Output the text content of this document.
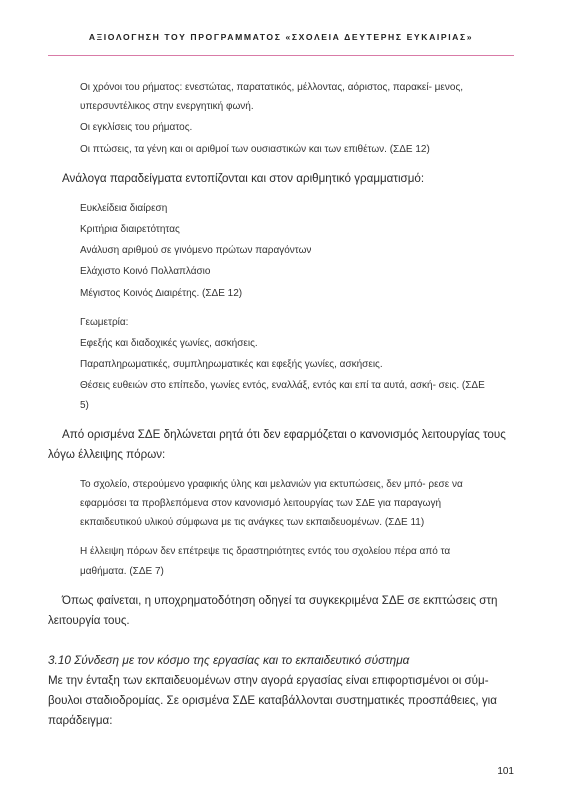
ΑΞΙΟΛΟΓΗΣΗ ΤΟΥ ΠΡΟΓΡΑΜΜΑΤΟΣ «ΣΧΟΛΕΙΑ ΔΕΥΤΕΡΗΣ ΕΥΚΑΙΡΙΑΣ»

Οι χρόνοι του ρήματος: ενεστώτας, παρατατικός, μέλλοντας, αόριστος, παρακεί- μενος, υπερσυντέλικος στην ενεργητική φωνή.

Οι εγκλίσεις του ρήματος.

Οι πτώσεις, τα γένη και οι αριθμοί των ουσιαστικών και των επιθέτων. (ΣΔΕ 12)

Ανάλογα παραδείγματα εντοπίζονται και στον αριθμητικό γραμματισμό:

Ευκλείδεια διαίρεση

Κριτήρια διαιρετότητας

Ανάλυση αριθμού σε γινόμενο πρώτων παραγόντων

Ελάχιστο Κοινό Πολλαπλάσιο

Μέγιστος Κοινός Διαιρέτης. (ΣΔΕ 12)

Γεωμετρία:

Εφεξής και διαδοχικές γωνίες, ασκήσεις.

Παραπληρωματικές, συμπληρωματικές και εφεξής γωνίες, ασκήσεις.

Θέσεις ευθειών στο επίπεδο, γωνίες εντός, εναλλάξ, εντός και επί τα αυτά, ασκή- σεις. (ΣΔΕ 5)

Από ορισμένα ΣΔΕ δηλώνεται ρητά ότι δεν εφαρμόζεται ο κανονισμός λειτουργίας τους λόγω έλλειψης πόρων:

Το σχολείο, στερούμενο γραφικής ύλης και μελανιών για εκτυπώσεις, δεν μπό- ρεσε να εφαρμόσει τα προβλεπόμενα στον κανονισμό λειτουργίας των ΣΔΕ για παραγωγή εκπαιδευτικού υλικού σύμφωνα με τις ανάγκες των εκπαιδευομένων. (ΣΔΕ 11)

Η έλλειψη πόρων δεν επέτρεψε τις δραστηριότητες εντός του σχολείου πέρα από τα μαθήματα. (ΣΔΕ 7)

Όπως φαίνεται, η υποχρηματοδότηση οδηγεί τα συγκεκριμένα ΣΔΕ σε εκπτώσεις στη λειτουργία τους.

3.10 Σύνδεση με τον κόσμο της εργασίας και το εκπαιδευτικό σύστημα

Με την ένταξη των εκπαιδευομένων στην αγορά εργασίας είναι επιφορτισμένοι οι σύμ- βουλοι σταδιοδρομίας. Σε ορισμένα ΣΔΕ καταβάλλονται συστηματικές προσπάθειες, για παράδειγμα:

101
